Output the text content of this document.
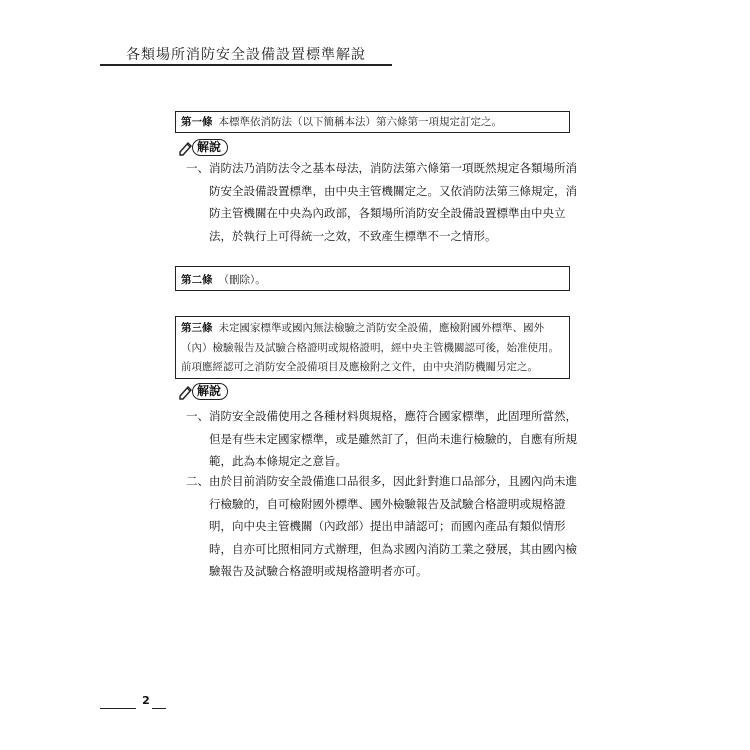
各類場所消防安全設備設置標準解說
第一條 本標準依消防法（以下簡稱本法）第六條第一項規定訂定之。
解說
一、 消防法乃消防法令之基本母法，消防法第六條第一項既然規定各類場所消防安全設備設置標準，由中央主管機關定之。又依消防法第三條規定，消防主管機關在中央為內政部，各類場所消防安全設備設置標準由中央立法，於執行上可得統一之效，不致產生標準不一之情形。
第二條 （刪除）。
第三條 未定國家標準或國內無法檢驗之消防安全設備，應檢附國外標準、國外（內）檢驗報告及試驗合格證明或規格證明，經中央主管機關認可後，始准使用。前項應經認可之消防安全設備項目及應檢附之文件，由中央消防機關另定之。
解說
一、 消防安全設備使用之各種材料與規格，應符合國家標準，此固理所當然，但是有些未定國家標準，或是雖然訂了，但尚未進行檢驗的，自應有所規範，此為本條規定之意旨。
二、 由於目前消防安全設備進口品很多，因此針對進口品部分，且國內尚未進行檢驗的，自可檢附國外標準、國外檢驗報告及試驗合格證明或規格證明，向中央主管機關（內政部）提出申請認可；而國內產品有類似情形時，自亦可比照相同方式辦理，但為求國內消防工業之發展，其由國內檢驗報告及試驗合格證明或規格證明者亦可。
2
